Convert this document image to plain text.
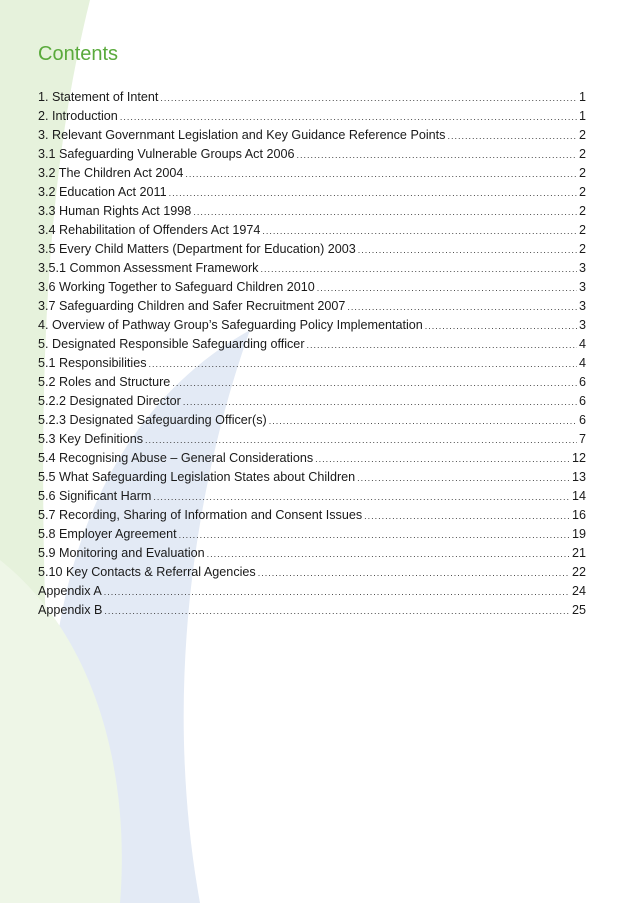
Contents
1. Statement of Intent .....	1
2. Introduction .....	1
3. Relevant Governmant Legislation and Key Guidance Reference Points .....	2
3.1 Safeguarding Vulnerable Groups Act 2006 .....	2
3.2 The Children Act 2004 .....	2
3.2 Education Act 2011 .....	2
3.3 Human Rights Act 1998 .....	2
3.4 Rehabilitation of Offenders Act 1974 .....	2
3.5 Every Child Matters (Department for Education) 2003 .....	2
3.5.1 Common Assessment Framework .....	3
3.6 Working Together to Safeguard Children 2010 .....	3
3.7 Safeguarding Children and Safer Recruitment 2007 .....	3
4. Overview of Pathway Group’s Safeguarding Policy Implementation .....	3
5. Designated Responsible Safeguarding officer .....	4
5.1 Responsibilities .....	4
5.2 Roles and Structure .....	6
5.2.2 Designated Director .....	6
5.2.3 Designated Safeguarding Officer(s) .....	6
5.3 Key Definitions .....	7
5.4 Recognising Abuse – General Considerations .....	12
5.5 What Safeguarding Legislation States about Children .....	13
5.6 Significant Harm .....	14
5.7 Recording, Sharing of Information and Consent Issues .....	16
5.8 Employer Agreement .....	19
5.9 Monitoring and Evaluation .....	21
5.10 Key Contacts & Referral Agencies .....	22
Appendix A .....	24
Appendix B .....	25
